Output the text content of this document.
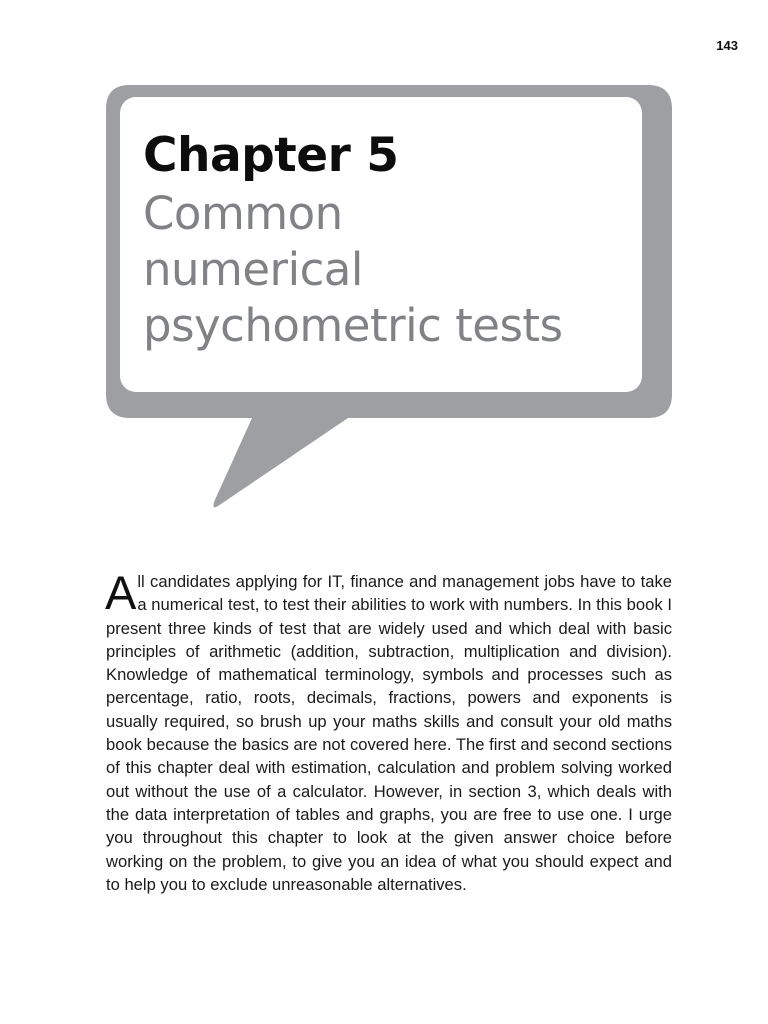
143
Chapter 5
Common
numerical
psychometric tests
All candidates applying for IT, finance and management jobs have to take a numerical test, to test their abilities to work with numbers. In this book I present three kinds of test that are widely used and which deal with basic principles of arithmetic (addition, subtraction, multiplication and division). Knowledge of mathematical terminology, symbols and processes such as percentage, ratio, roots, decimals, fractions, powers and exponents is usually required, so brush up your maths skills and consult your old maths book because the basics are not covered here. The first and second sections of this chapter deal with estimation, calculation and problem solving worked out without the use of a calculator. However, in section 3, which deals with the data interpretation of tables and graphs, you are free to use one. I urge you throughout this chapter to look at the given answer choice before working on the problem, to give you an idea of what you should expect and to help you to exclude unreasonable alternatives.
